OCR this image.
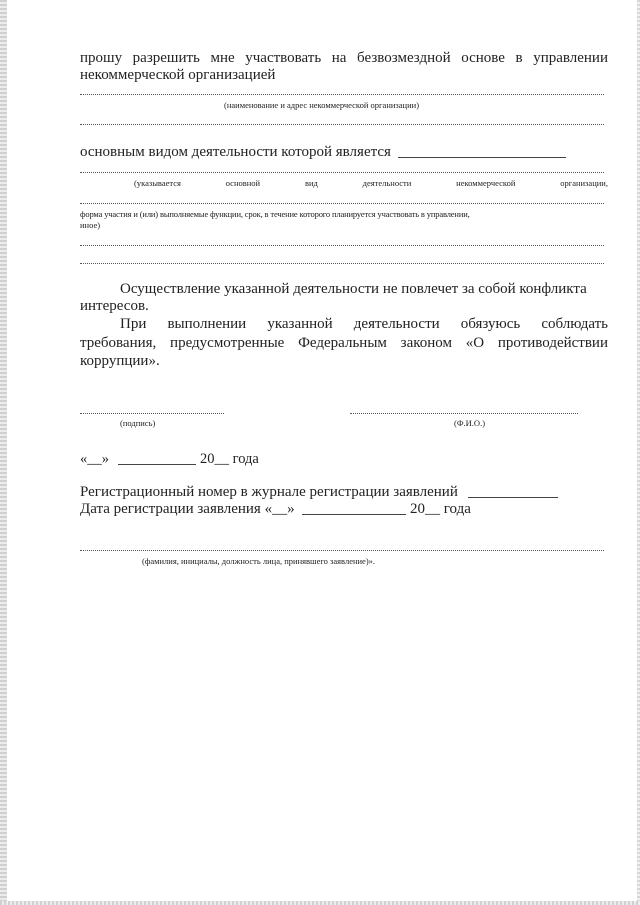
прошу разрешить мне участвовать на безвозмездной основе в управлении
некоммерческой организацией
(наименование и адрес некоммерческой организации)
основным видом деятельности которой является
(указывается	основной	вид	деятельности	некоммерческой	организации,
форма участия и (или) выполняемые функции, срок, в течение которого планируется участвовать в управлении,
иное)
Осуществление указанной деятельности не повлечет за собой конфликта
интересов.
При выполнении указанной деятельности обязуюсь соблюдать
требования, предусмотренные Федеральным законом «О противодействии
коррупции».
(подпись)	(Ф.И.О.)
«__»	20__ года
Регистрационный номер в журнале регистрации заявлений
Дата регистрации заявления «__»	20__ года
(фамилия, инициалы, должность лица, принявшего заявление)».
